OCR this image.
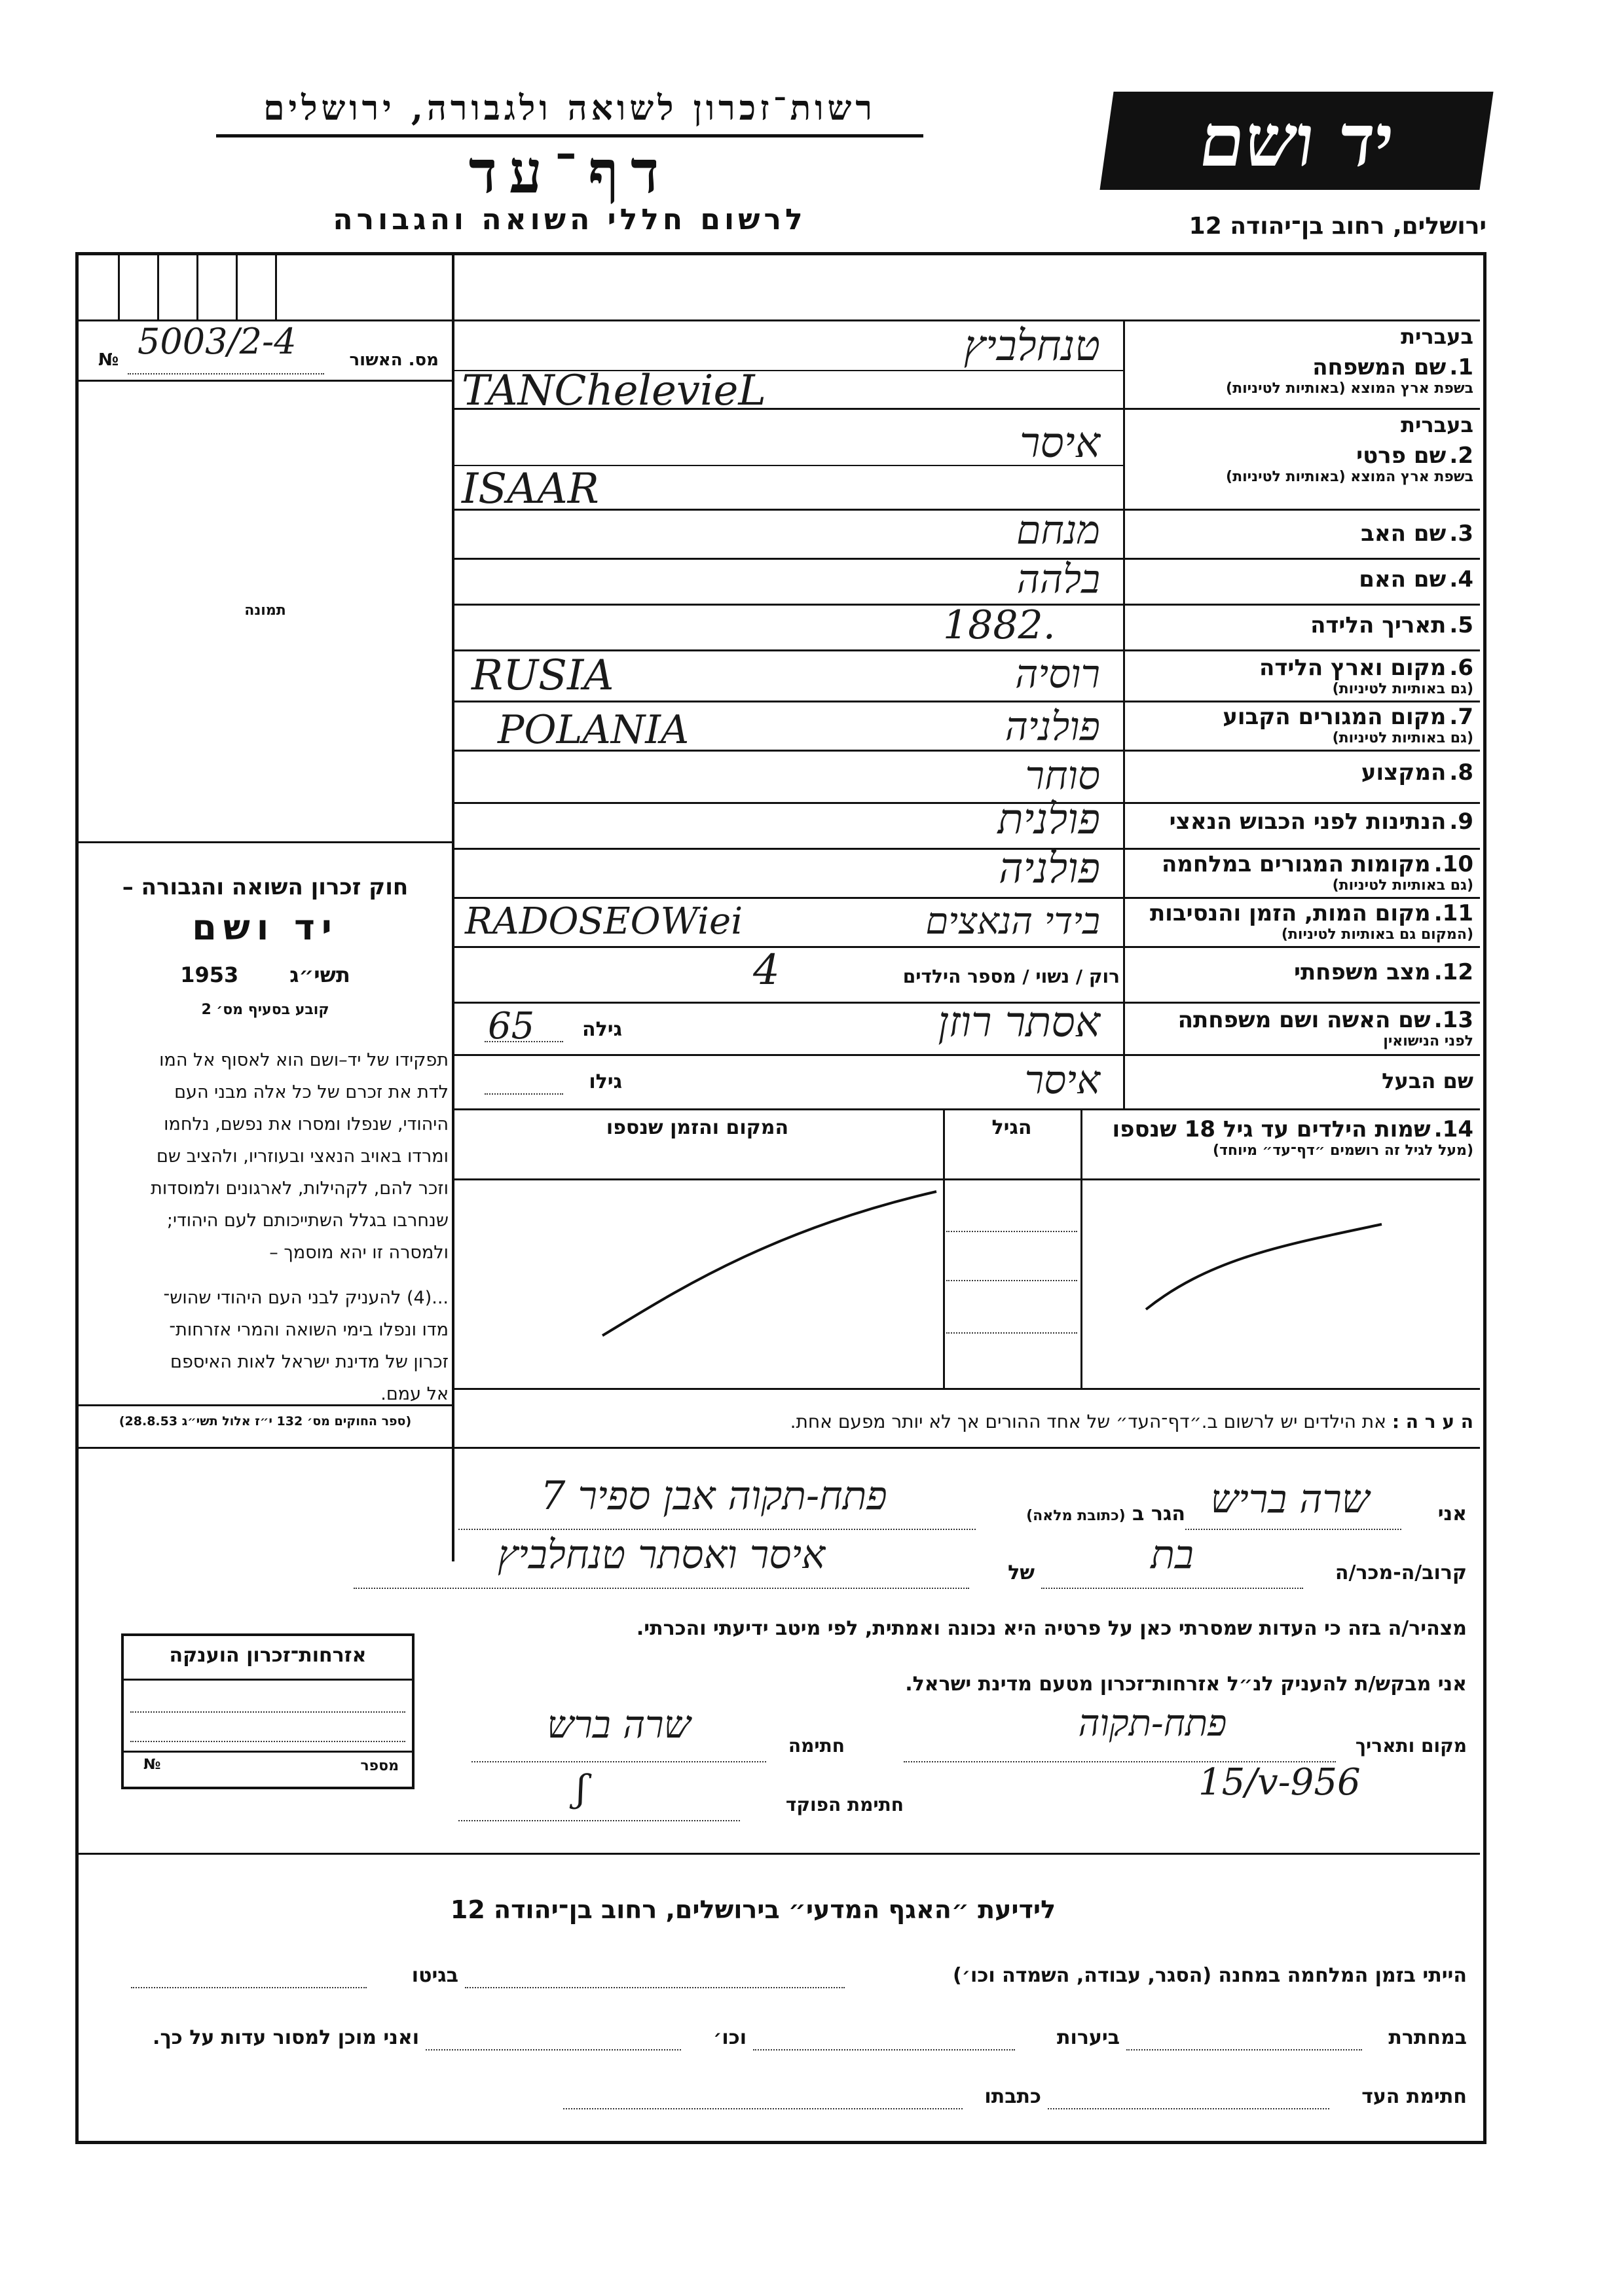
יד ושם
רשות־זכרון לשואה ולגבורה, ירושלים
דף־עד
לרשום חללי השואה והגבורה	ירושלים, רחוב בן־יהודה 12
מס. האשור
№ 5003/2-4
תמונה
חוק זכרון השואה והגבורה –
יד ושם
תשי״ג       1953
קובע בסעיף מס׳ 2
תפקידו של יד–ושם הוא לאסוף אל המו
לדת את זכרם של כל אלה מבני העם
היהודי, שנפלו ומסרו את נפשם, נלחמו
ומרדו באויב הנאצי ובעוזריו, ולהציב שם
וזכר להם, לקהילות, לארגונים ולמוסדות
שנחרבו בגלל השתייכותם לעם היהודי;
ולמסרה זו יהא מוסמך –
...(4) להעניק לבני העם היהודי שהוש־
מדו ונפלו בימי השואה והמרי אזרחות־
זכרון של מדינת ישראל לאות האיספם
אל עמם.
(ספר החוקים מס׳ 132 י״ז אלול תשי״ג 28.8.53)
בעברית
1. שם המשפחה
בשפת ארץ המוצא (באותיות לטיניות)
טנחלביץ
TANChelevieL
בעברית
2. שם פרטי
בשפת ארץ המוצא (באותיות לטיניות)
איסר
ISAAR
3. שם האב
מנחם
4. שם האם
בלהה
5. תאריך הלידה
1882.
6. מקום וארץ הלידה
(גם באותיות לטיניות)
רוסיה
RUSIA
7. מקום המגורים הקבוע
(גם באותיות לטיניות)
פולניה
POLANIA
8. המקצוע
סוחר
9. הנתינות לפני הכבוש הנאצי
פולנית
10. מקומות המגורים במלחמה
(גם באותיות לטיניות)
פולניה
11. מקום המות, הזמן והנסיבות
(המקום גם באותיות לטיניות)
בידי הנאצים
RADOSEOWiei
12. מצב משפחתי
רוק / נשוי / מספר הילדים
4
13. שם האשה ושם משפחתה
לפני הנישואין
אסתר רוזן
גילה
65
שם הבעל
איסר
גילו
14. שמות הילדים עד גיל 18 שנספו
(מעל לגיל זה רושמים ״דף־עד״ מיוחד)
הגיל
המקום והזמן שנספו
ה ע ר ה : את הילדים יש לרשום ב.״דף־העד״ של אחד ההורים אך לא יותר מפעם אחת.
אני
שרה בריש
הגר ב (כתובת מלאה)
פתח-תקוה אבן ספיר 7
קרוב/ה-מכר/ה
בת
של
איסר ואסתר טנחלביץ
מצהיר/ה בזה כי העדות שמסרתי כאן על פרטיה היא נכונה ואמתית, לפי מיטב ידיעתי והכרתי.
אני מבקש/ת להעניק לנ״ל אזרחות־זכרון מטעם מדינת ישראל.
מקום ותאריך
פתח-תקוה
15/v-956
חתימה
שרה ברש
חתימת הפוקד
ʃ
אזרחות־זכרון הוענקה
מספר
№
לידיעת ״האגף המדעי״ בירושלים, רחוב בן־יהודה 12
הייתי בזמן המלחמה במחנה (הסגר, עבודה, השמדה וכו׳)
בגיטו
במחתרת
ביערות
וכו׳
ואני מוכן למסור עדות על כך.
חתימת העד
כתבתו
